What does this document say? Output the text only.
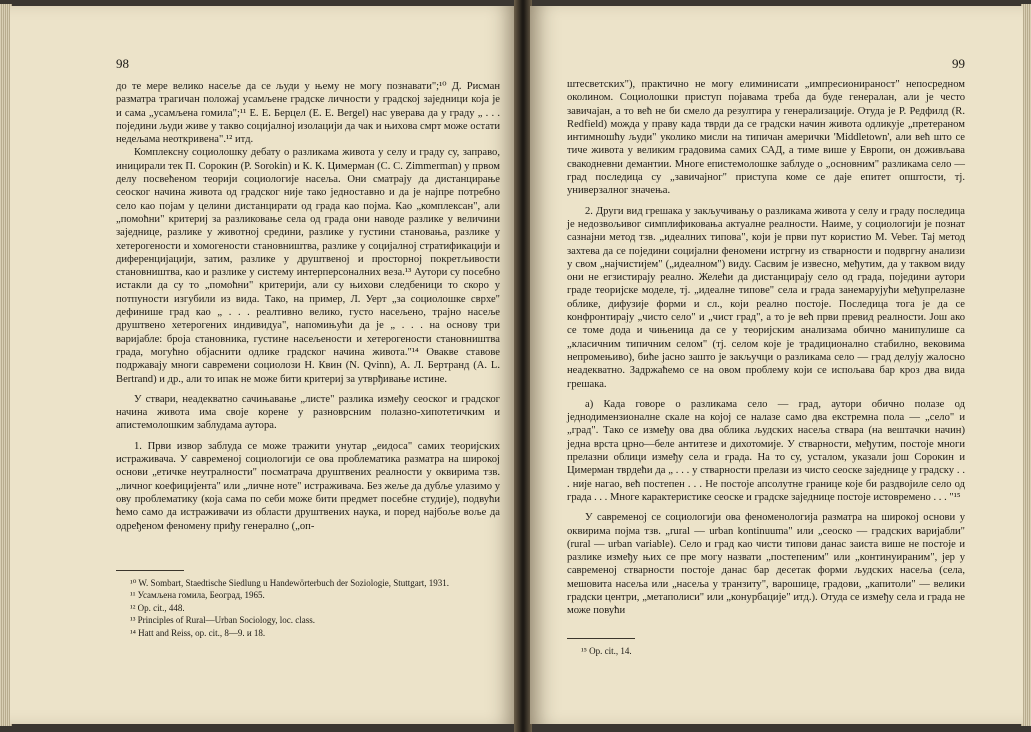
98

до те мере велико насеље да се људи у њему не могу познавати";¹⁰ Д. Рисман разматра трагичан положај усамљене градске личности у градској заједници која је и сама „усамљена гомила";¹¹ Е. Е. Берцел (E. E. Bergel) нас уверава да у граду „ . . . поједини људи живе у такво социјалној изолацији да чак и њихова смрт може остати недељама неоткривена".¹² итд.

Комплексну социолошку дебату о разликама живота у селу и граду су, заправо, иницирали тек П. Сорокин (P. Sorokin) и К. К. Цимерман (C. C. Zimmerman) у првом делу посвећеном теорији социологије насеља. Они сматрају да дистанцирање сеоског начина живота од градског није тако једноставно и да је најпре потребно село као појам у целини дистанцирати од града као појма. Као „комплексан", али „помоћни" критериј за разликовање села од града они наводе разлике у величини заједнице, разлике у животној средини, разлике у густини становања, разлике у хетерогености и хомогености становништва, разлике у социјалној стратификацији и диференцијацији, затим, разлике у друштвеној и просторној покретљивости становништва, као и разлике у систему интерперсоналних веза.¹³ Аутори су посебно истакли да су то „помоћни" критерији, али су њихови следбеници то скоро у потпуности изгубили из вида. Тако, на пример, Л. Уерт „за социолошке сврхе" дефинише град као „ . . . реалтивно велико, густо насељено, трајно насеље друштвено хетерогених индивидуа", напомињући да је „ . . . на основу три варијабле: броја становника, густине насељености и хетерогености становништва града, могућно објаснити одлике градског начина живота."¹⁴ Овакве ставове подржавају многи савремени социолози Н. Квин (N. Qvinn), А. Л. Бертранд (A. L. Bertrand) и др., али то ипак не може бити критериј за утврђивање истине.

У ствари, неадекватно сачињавање „листе" разлика између сеоског и градског начина живота има своје корене у разноврсним полазно-хипотетичким и апистемолошким заблудама аутора.

1. Први извор заблуда се може тражити унутар „еидоса" самих теоријских истраживача. У савременој социологији се ова проблематика разматра на широкој основи „етичке неутралности" посматрача друштвених реалности у оквирима тзв. „личног коефицијента" или „личне ноте" истраживача. Без жеље да дубље улазимо у ову проблематику (која сама по себи може бити предмет посебне студије), подвући ћемо само да истраживачи из области друштвених наука, и поред најбоље воље да одређеном феномену приђу генерално („оп-

¹⁰ W. Sombart, Staedtische Siedlung u Handewörterbuch der Soziologie, Stuttgart, 1931.

¹¹ Усамљена гомила, Београд, 1965.

¹² Op. cit., 448.

¹³ Principles of Rural—Urban Sociology, loc. class.

¹⁴ Hatt and Reiss, op. cit., 8—9. и 18.

99

штесветских"), практично не могу елиминисати „импресионираност" непосредном околином. Социолошки приступ појавама треба да буде генералан, али је често завичајан, а то већ не би смело да резултира у генерализације. Отуда је Р. Редфилд (R. Redfield) можда у праву када тврди да се градски начин живота одликује „претераном интимношћу људи" уколико мисли на типичан амерички 'Middletown', али већ што се тиче живота у великим градовима самих САД, а тиме више у Европи, он доживљава свакодневни демантии. Многе епистемолошке заблуде о „основним" разликама село — град последица су „завичајног" приступа коме се даје епитет општости, тј. универзалног значења.

2. Други вид грешака у закључивању о разликама живота у селу и граду последица је недозвољивог симплификовања актуалне реалности. Наиме, у социологији је познат сазнајни метод тзв. „идеалних типова", који је први пут користио M. Veber. Тај метод захтева да се поједини социјални феномени истргну из стварности и подвргну анализи у свом „најчистијем" („идеалном") виду. Сасвим је извесно, међутим, да у таквом виду они не егзистирају реално. Желећи да дистанцирају село од града, поједини аутори граде теоријске моделе, тј. „идеалне типове" села и града занемарујући међупрелазне облике, дифузије форми и сл., који реално постоје. Последица тога је да се конфронтирају „чисто село" и „чист град", а то је већ први превид реалности. Још ако се томе дода и чињеница да се у теоријским анализама обично манипулише са „класичним типичним селом" (тј. селом које је традиционално стабилно, вековима непромењиво), биће јасно зашто је закључци о разликама село — град делују жалосно неадекватно. Задржаћемо се на овом проблему који се испољава бар кроз два вида грешака.

а) Када говоре о разликама село — град, аутори обично полазе од једнодимензионалне скале на којој се налазе само два екстремна пола — „село" и „град". Тако се између ова два облика људских насеља ствара (на вештачки начин) једна врста црно—беле антитезе и дихотомије. У стварности, међутим, постоје многи прелазни облици између села и града. На то су, усталом, указали још Сорокин и Цимерман тврдећи да „ . . . у стварности прелази из чисто сеоске заједнице у градску . . . није нагао, већ постепен . . . Не постоје апсолутне границе које би раздвојиле село од града . . . Многе карактеристике сеоске и градске заједнице постоје истовремено . . . "¹⁵

У савременој се социологији ова феноменологија разматра на широкој основи у оквирима појма тзв. „rural — urban kontinuuma" или „сеоско — градских варијабли" (rural — urban variable). Село и град као чисти типови данас заиста више не постоје и разлике између њих се пре могу назвати „постепеним" или „континуираним", јер у савременој стварности постоје данас бар десетак форми људских насеља (села, мешовита насеља или „насеља у транзиту", варошице, градови, „капитоли" — велики градски центри, „метаполиси" или „конурбације" итд.). Отуда се између села и града не може повући

¹⁵ Op. cit., 14.
